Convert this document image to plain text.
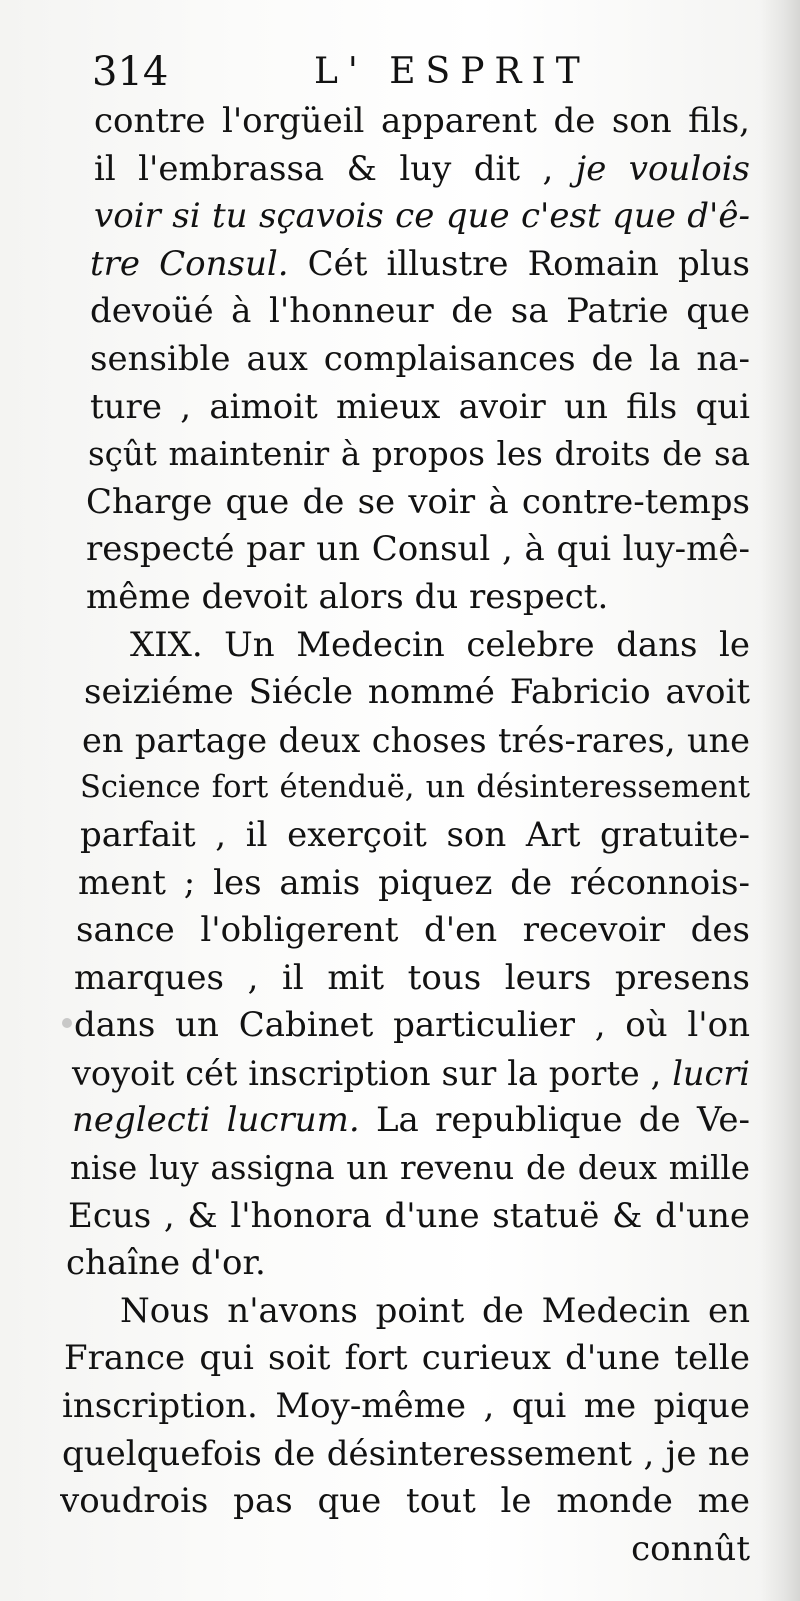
314	L' ESPRIT
contre l'orgüeil apparent de son fils,
il l'embrassa & luy dit , je voulois
voir si tu sçavois ce que c'est que d'ê-
tre Consul. Cét illustre Romain plus
devoüé à l'honneur de sa Patrie que
sensible aux complaisances de la na-
ture , aimoit mieux avoir un fils qui
sçût maintenir à propos les droits de sa
Charge que de se voir à contre-temps
respecté par un Consul , à qui luy-mê-
même devoit alors du respect.
XIX. Un Medecin celebre dans le
seiziéme Siécle nommé Fabricio avoit
en partage deux choses trés-rares, une
Science fort étenduë, un désinteressement
parfait , il exerçoit son Art gratuite-
ment ; les amis piquez de réconnois-
sance l'obligerent d'en recevoir des
marques , il mit tous leurs presens
dans un Cabinet particulier , où l'on
voyoit cét inscription sur la porte , lucri
neglecti lucrum. La republique de Ve-
nise luy assigna un revenu de deux mille
Ecus , & l'honora d'une statuë & d'une
chaîne d'or.
Nous n'avons point de Medecin en
France qui soit fort curieux d'une telle
inscription. Moy-même , qui me pique
quelquefois de désinteressement , je ne
voudrois pas que tout le monde me
connût
